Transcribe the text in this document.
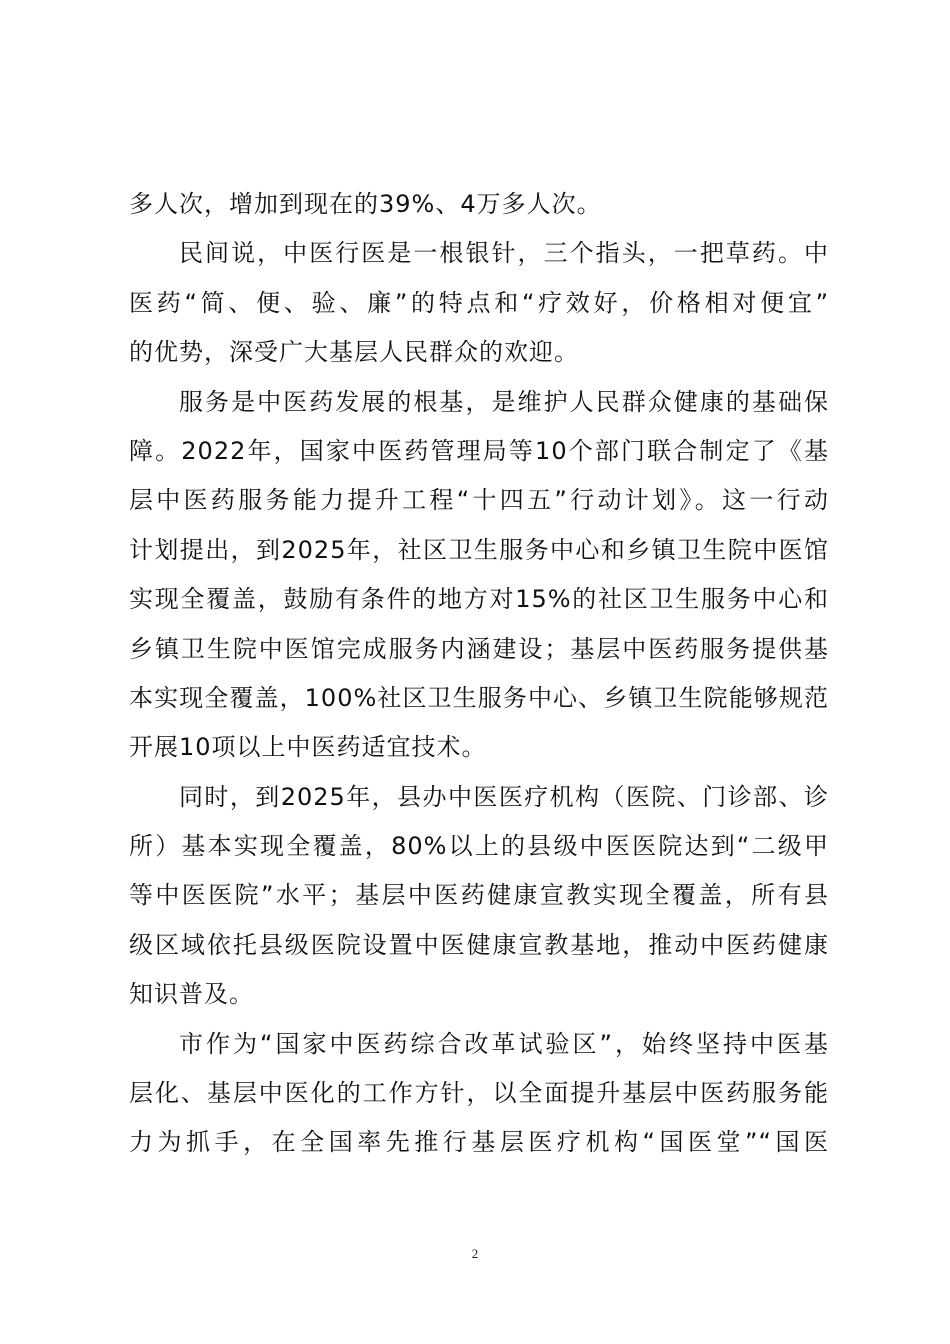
多人次，增加到现在的39%、4万多人次。
民间说，中医行医是一根银针，三个指头，一把草药。中
医药“简、便、验、廉”的特点和“疗效好，价格相对便宜”
的优势，深受广大基层人民群众的欢迎。
服务是中医药发展的根基，是维护人民群众健康的基础保
障。2022年，国家中医药管理局等10个部门联合制定了《基
层中医药服务能力提升工程“十四五”行动计划》。这一行动
计划提出，到2025年，社区卫生服务中心和乡镇卫生院中医馆
实现全覆盖，鼓励有条件的地方对15%的社区卫生服务中心和
乡镇卫生院中医馆完成服务内涵建设；基层中医药服务提供基
本实现全覆盖，100%社区卫生服务中心、乡镇卫生院能够规范
开展10项以上中医药适宜技术。
同时，到2025年，县办中医医疗机构（医院、门诊部、诊
所）基本实现全覆盖，80%以上的县级中医医院达到“二级甲
等中医医院”水平；基层中医药健康宣教实现全覆盖，所有县
级区域依托县级医院设置中医健康宣教基地，推动中医药健康
知识普及。
市作为“国家中医药综合改革试验区”，始终坚持中医基
层化、基层中医化的工作方针，以全面提升基层中医药服务能
力为抓手，在全国率先推行基层医疗机构“国医堂”“国医
2
